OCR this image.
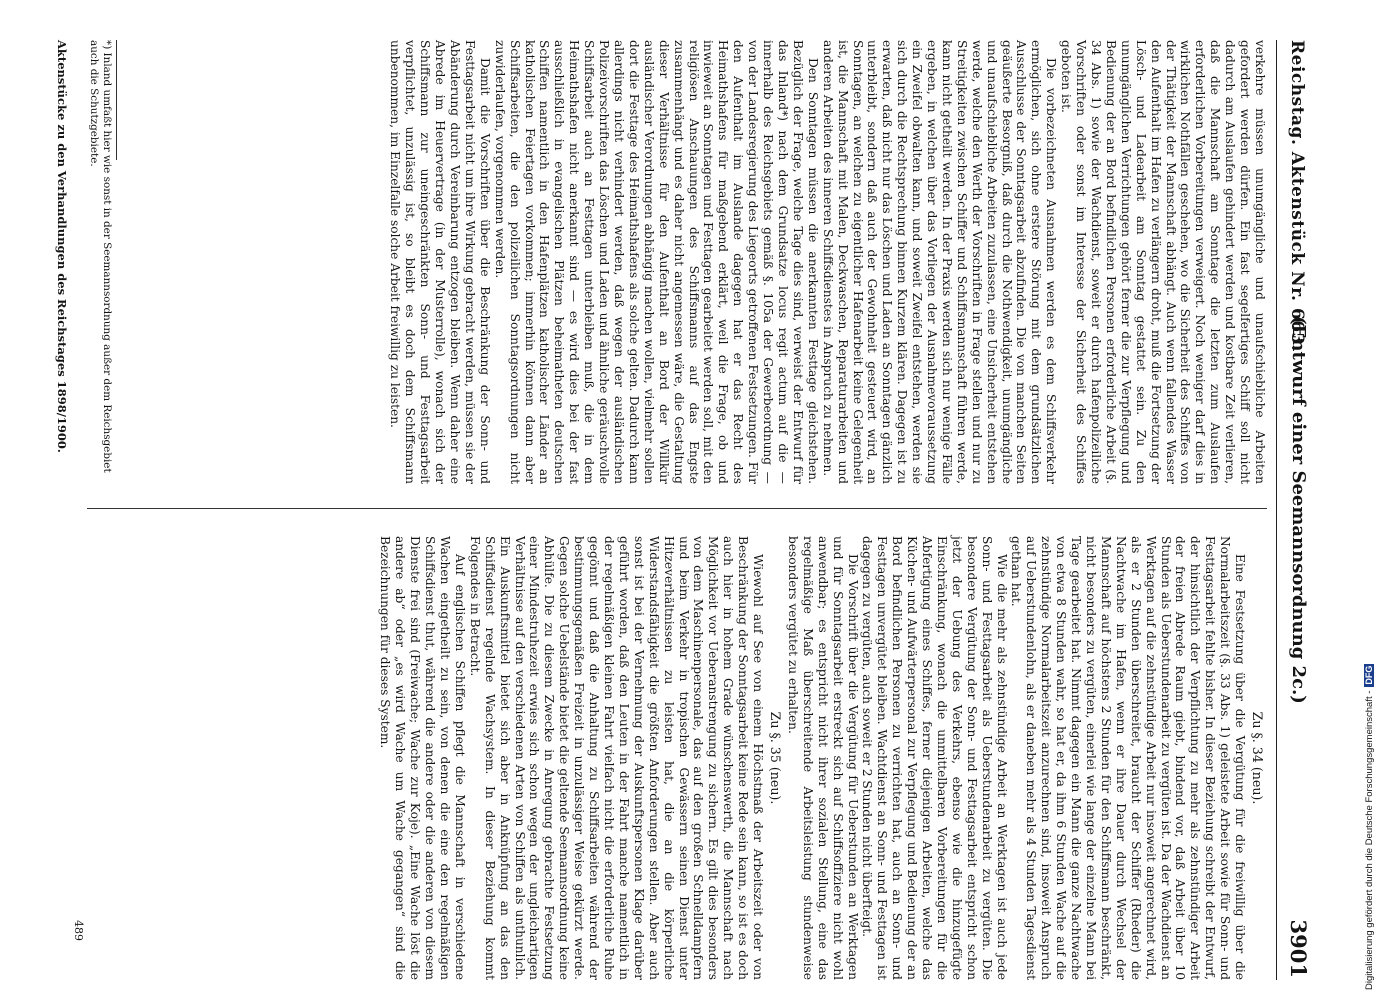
Reichstag. Aktenstück Nr. 663.
(Entwurf einer Seemannsordnung 2c.)
3901

verkehre müssen unumgängliche und unaufschiebliche Arbeiten gefordert werden dürfen. Ein fast segelfertiges Schiff soll nicht dadurch am Auslaufen gehindert werden und kostbare Zeit verlieren, daß die Mannschaft am Sonntage die letzten zum Auslaufen erforderlichen Vorbereitungen verweigert. Noch weniger darf dies in wirklichen Nothfällen geschehen, wo die Sicherheit des Schiffes von der Thätigkeit der Mannschaft abhängt. Auch wenn fallendes Wasser den Aufenthalt im Hafen zu verlängern droht, muß die Fortsetzung der Lösch- und Ladearbeit am Sonntag gestattet sein. Zu den unumgänglichen Verrichtungen gehört ferner die zur Verpflegung und Bedienung der an Bord befindlichen Personen erforderliche Arbeit (§. 34 Abs. 1) sowie der Wachdienst, soweit er durch hafenpolizeiliche Vorschriften oder sonst im Interesse der Sicherheit des Schiffes geboten ist.

Die vorbezeichneten Ausnahmen werden es dem Schiffsverkehr ermöglichen, sich ohne erstere Störung mit dem grundsätzlichen Ausschlusse der Sonntagsarbeit abzufinden. Die von manchen Seiten geäußerte Besorgniß, daß durch die Nothwendigkeit, unumgängliche und unaufschiebliche Arbeiten zuzulassen, eine Unsicherheit entstehen werde, welche den Werth der Vorschriften in Frage stellen und nur zu Streitigkeiten zwischen Schiffer und Schiffsmannschaft führen werde, kann nicht getheilt werden. In der Praxis werden sich nur wenige Fälle ergeben, in welchen über das Vorliegen der Ausnahmevoraussetzung ein Zweifel obwalten kann, und soweit Zweifel entstehen, werden sie sich durch die Rechtsprechung binnen Kurzem klären. Dagegen ist zu erwarten, daß nicht nur das Löschen und Laden an Sonntagen gänzlich unterbleibt, sondern daß auch der Gewohnheit gesteuert wird, an Sonntagen, an welchen zu eigentlicher Hafenarbeit keine Gelegenheit ist, die Mannschaft mit Malen, Deckwaschen, Reparaturarbeiten und anderen Arbeiten des inneren Schiffsdienstes in Anspruch zu nehmen.

Den Sonntagen müssen die anerkannten Festtage gleichstehen. Bezüglich der Frage, welche Tage dies sind, verweist der Entwurf für das Inland*) nach dem Grundsatze locus regit actum auf die — innerhalb des Reichsgebiets gemäß §. 105a der Gewerbeordnung — von der Landesregierung des Liegeorts getroffenen Festsetzungen. Für den Aufenthalt im Auslande dagegen hat er das Recht des Heimathshafens für maßgebend erklärt, weil die Frage, ob und inwieweit an Sonntagen und Festtagen gearbeitet werden soll, mit den religiösen Anschauungen des Schiffsmanns auf das Engste zusammenhängt und es daher nicht angemessen wäre, die Gestaltung dieser Verhältnisse für den Aufenthalt an Bord der Willkür ausländischer Verordnungen abhängig machen wollen, vielmehr sollen dort die Festtage des Heimathshafens als solche gelten. Dadurch kann allerdings nicht verhindert werden, daß wegen der ausländischen Polizeivorschriften das Löschen und Laden und ähnliche geräuschvolle Schiffsarbeit auch an Festtagen unterbleiben muß, die in dem Heimathshafen nicht anerkannt sind — es wird dies bei der fast ausschließlich in evangelischen Plätzen beheimatheten deutschen Schiffen namentlich in den Hafenplätzen katholischer Länder an katholischen Feiertagen vorkommen; immerhin können dann aber Schiffsarbeiten, die den polizeilichen Sonntagsordnungen nicht zuwiderlaufen, vorgenommen werden.

Damit die Vorschriften über die Beschränkung der Sonn- und Festtagsarbeit nicht um ihre Wirkung gebracht werden, müssen sie der Abänderung durch Vereinbarung entzogen bleiben. Wenn daher eine Abrede im Heuervertrage (in der Musterrolle), wonach sich der Schiffsmann zur uneingeschränkten Sonn- und Festtagsarbeit verpflichtet, unzulässig ist, so bleibt es doch dem Schiffsmann unbenommen, im Einzelfalle solche Arbeit freiwillig zu leisten.

Zu §. 34 (neu).

Eine Festsetzung über die Vergütung für die freiwillig über die Normalarbeitszeit (§. 33 Abs. 1) geleistete Arbeit sowie für Sonn- und Festtagsarbeit fehlte bisher. In dieser Beziehung schreibt der Entwurf, der hinsichtlich der Verpflichtung zu mehr als zehnstündiger Arbeit der freien Abrede Raum giebt, bindend vor, daß Arbeit über 10 Stunden als Ueberstundenarbeit zu vergüten ist. Da der Wachdienst an Werktagen auf die zehnstündige Arbeit nur insoweit angerechnet wird, als er 2 Stunden überschreitet, braucht der Schiffer (Rheder) die Nachtwache im Hafen, wenn er ihre Dauer durch Wechsel der Mannschaft auf höchstens 2 Stunden für den Schiffsmann beschränkt, nicht besonders zu vergüten, einerlei wie lange der einzelne Mann bei Tage gearbeitet hat. Nimmt dagegen ein Mann die ganze Nachtwache von etwa 8 Stunden wahr, so hat er, da ihm 6 Stunden Wache auf die zehnstündige Normalarbeitszeit anzurechnen sind, insoweit Anspruch auf Ueberstundenlohn, als er daneben mehr als 4 Stunden Tagesdienst gethan hat.

Wie die mehr als zehnstündige Arbeit an Werktagen ist auch jede Sonn- und Festtagsarbeit als Ueberstundenarbeit zu vergüten. Die besondere Vergütung der Sonn- und Festtagsarbeit entspricht schon jetzt der Uebung des Verkehrs, ebenso wie die hinzugefügte Einschränkung, wonach die unmittelbaren Vorbereitungen für die Abfertigung eines Schiffes, ferner diejenigen Arbeiten, welche das Küchen- und Aufwärterpersonal zur Verpflegung und Bedienung der an Bord befindlichen Personen zu verrichten hat, auch an Sonn- und Festtagen unvergütet bleiben. Wachtdienst an Sonn- und Festtagen ist dagegen zu vergüten, auch soweit er 2 Stunden nicht überfteigt.

Die Vorschrift über die Vergütung für Ueberstunden an Werktagen und für Sonntagsarbeit erstreckt sich auf Schiffsoffiziere nicht wohl anwendbar; es entspricht nicht ihrer sozialen Stellung, eine das regelmäßige Maß überschreitende Arbeitsleistung stundenweise besonders vergütet zu erhalten.

Zu §. 35 (neu).

Wiewohl auf See von einem Höchstmaß der Arbeitszeit oder von Beschränkung der Sonntagsarbeit keine Rede sein kann, so ist es doch auch hier in hohem Grade wünschenswerth, die Mannschaft nach Möglichkeit vor Ueberanstrengung zu sichern. Es gilt dies besonders von dem Maschinenpersonale, das auf den großen Schnelldampfern und beim Verkehr in tropischen Gewässern seinen Dienst unter Hitzeverhältnissen zu leisten hat, die an die körperliche Widerstandsfähigkeit die größten Anforderungen stellen. Aber auch sonst ist bei der Vernehmung der Auskunftspersonen Klage darüber geführt worden, daß den Leuten in der Fahrt manche namentlich in der regelmäßigen kleinen Fahrt vielfach nicht die erforderliche Ruhe gegönnt und daß die Anhaltung zu Schiffsarbeiten während der bestimmungsgemäßen Freizeit in unzulässiger Weise gekürzt werde. Gegen solche Uebelstände bietet die geltende Seemannsordnung keine Abhülfe. Die zu diesem Zwecke in Anregung gebrachte Festsetzung einer Mindestruhezeit erwies sich schon wegen der ungleichartigen Verhältnisse auf den verschiedenen Arten von Schiffen als unthunlich. Ein Auskunftsmittel bietet sich aber in Anknüpfung an das den Schiffsdienst regelnde Wachsystem. In dieser Beziehung kommt Folgendes in Betracht.

Auf englischen Schiffen pflegt die Mannschaft in verschiedene Wachen eingetheilt zu sein, von denen die eine den regelmäßigen Schiffsdienst thut, während die andere oder die anderen von diesem Dienste frei sind (Freiwache; Wache zur Koje). „Eine Wache löst die andere ab“ oder „es wird Wache um Wache gegangen“ sind die Bezeichnungen für dieses System.

*) Inland umfaßt hier wie sonst in der Seemannsordnung außer dem Reichsgebiet auch die Schutzgebiete.
Aktenstücke zu den Verhandlungen des Reichstages 1898/1900.
489	Digitalisierung gefördert durch die Deutsche Forschungsgemeinschaft -DFG
